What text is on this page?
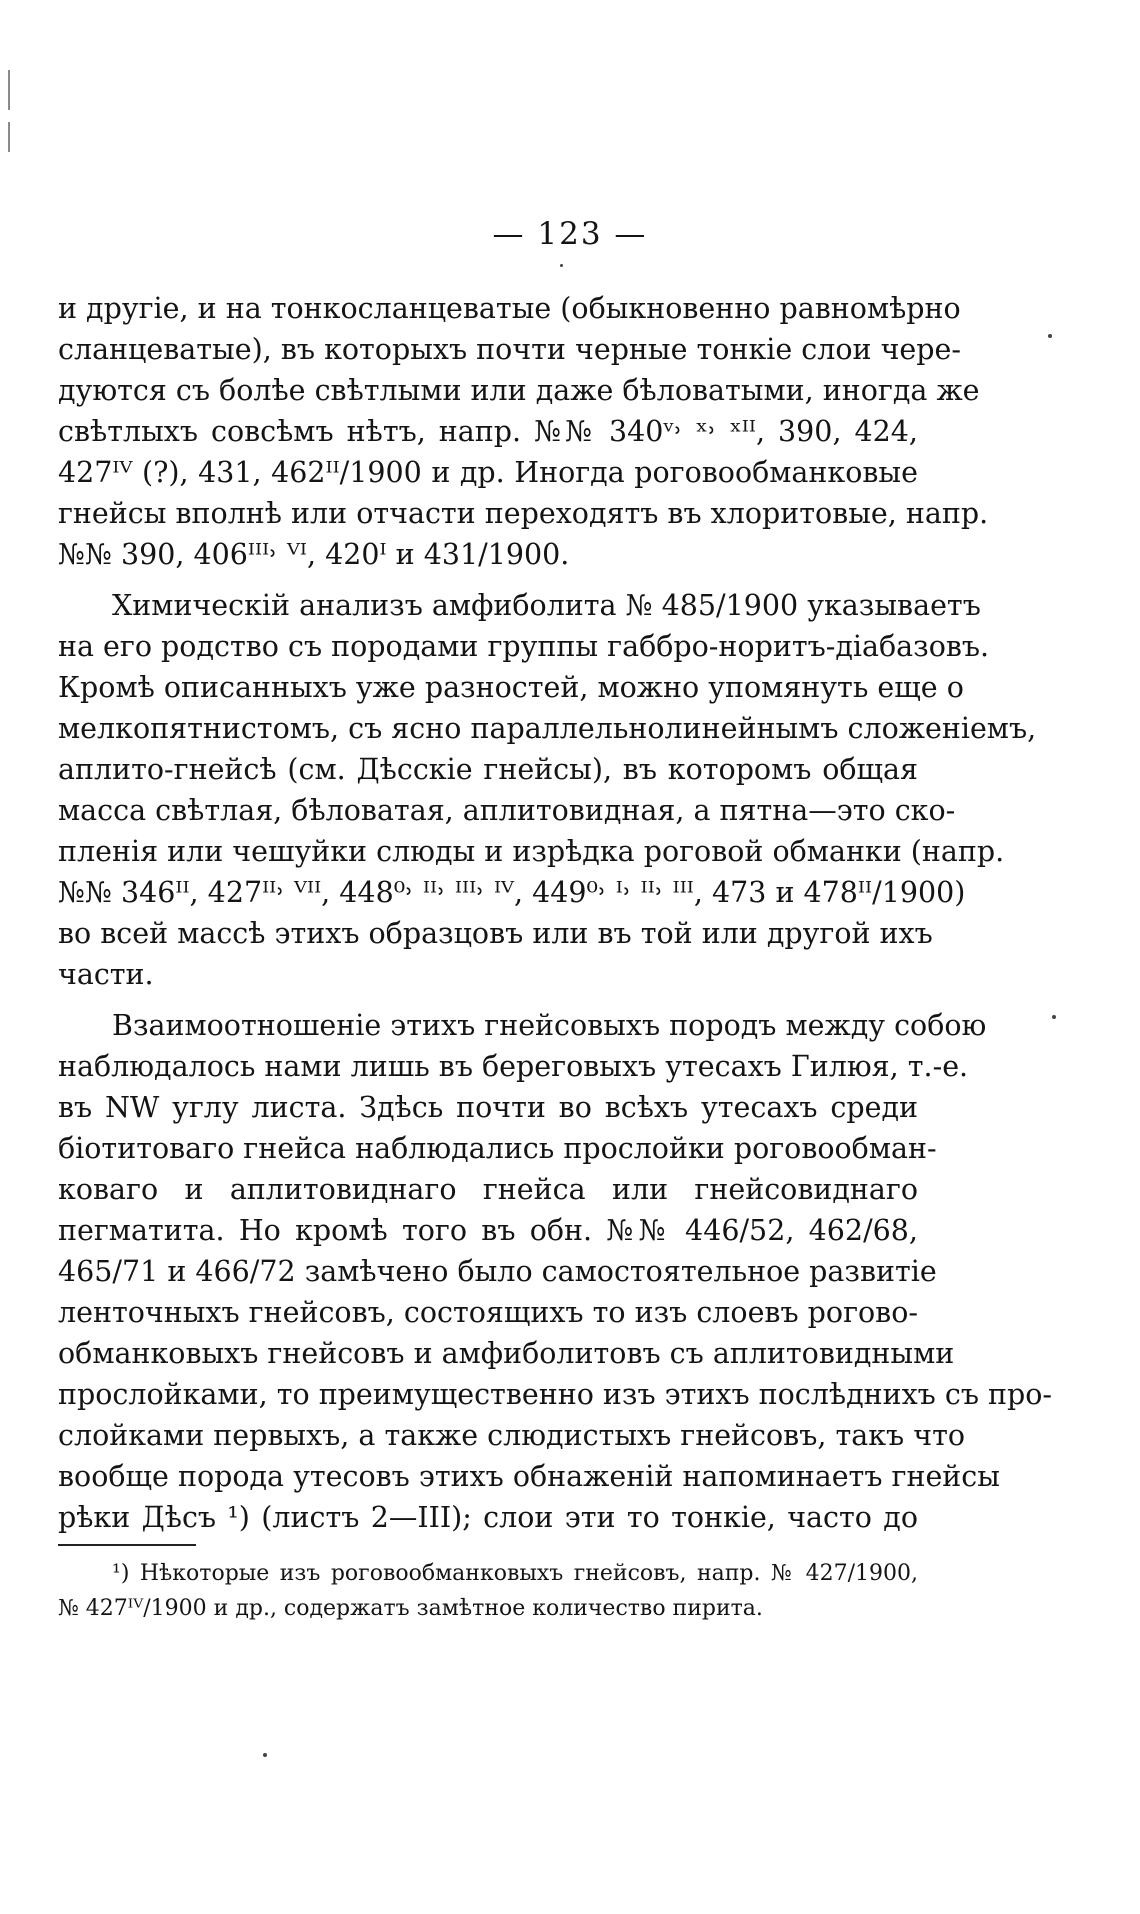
— 123 —

и другіе, и на тонкосланцеватые (обыкновенно равномѣрно
сланцеватые), въ которыхъ почти черные тонкіе слои чере-
дуются съ болѣе свѣтлыми или даже бѣловатыми, иногда же
свѣтлыхъ совсѣмъ нѣтъ, напр. №№ 340ᵛ˒ ˣ˒ ˣᴵᴵ, 390, 424,
427ᴵⱽ (?), 431, 462ᴵᴵ/1900 и др. Иногда роговообманковые
гнейсы вполнѣ или отчасти переходятъ въ хлоритовые, напр.
№№ 390, 406ᴵᴵᴵ˒ ⱽᴵ, 420ᴵ и 431/1900.

Химическій анализъ амфиболита № 485/1900 указываетъ
на его родство съ породами группы габбро-норитъ-діабазовъ.
Кромѣ описанныхъ уже разностей, можно упомянуть еще о
мелкопятнистомъ, съ ясно параллельнолинейнымъ сложеніемъ,
аплито-гнейсѣ (см. Дѣсскіе гнейсы), въ которомъ общая
масса свѣтлая, бѣловатая, аплитовидная, а пятна—это ско-
пленія или чешуйки слюды и изрѣдка роговой обманки (напр.
№№ 346ᴵᴵ, 427ᴵᴵ˒ ⱽᴵᴵ, 448⁰˒ ᴵᴵ˒ ᴵᴵᴵ˒ ᴵⱽ, 449⁰˒ ᴵ˒ ᴵᴵ˒ ᴵᴵᴵ, 473 и 478ᴵᴵ/1900)
во всей массѣ этихъ образцовъ или въ той или другой ихъ
части.

Взаимоотношеніе этихъ гнейсовыхъ породъ между собою
наблюдалось нами лишь въ береговыхъ утесахъ Гилюя, т.-е.
въ NW углу листа. Здѣсь почти во всѣхъ утесахъ среди
біотитоваго гнейса наблюдались прослойки роговообман-
коваго и аплитовиднаго гнейса или гнейсовиднаго
пегматита. Но кромѣ того въ обн. №№ 446/52, 462/68,
465/71 и 466/72 замѣчено было самостоятельное развитіе
ленточныхъ гнейсовъ, состоящихъ то изъ слоевъ рогово-
обманковыхъ гнейсовъ и амфиболитовъ съ аплитовидными
прослойками, то преимущественно изъ этихъ послѣднихъ съ про-
слойками первыхъ, а также слюдистыхъ гнейсовъ, такъ что
вообще порода утесовъ этихъ обнаженій напоминаетъ гнейсы
рѣки Дѣсъ ¹) (листъ 2—III); слои эти то тонкіе, часто до

¹) Нѣкоторые изъ роговообманковыхъ гнейсовъ, напр. № 427/1900,
№ 427ᴵⱽ/1900 и др., содержатъ замѣтное количество пирита.
